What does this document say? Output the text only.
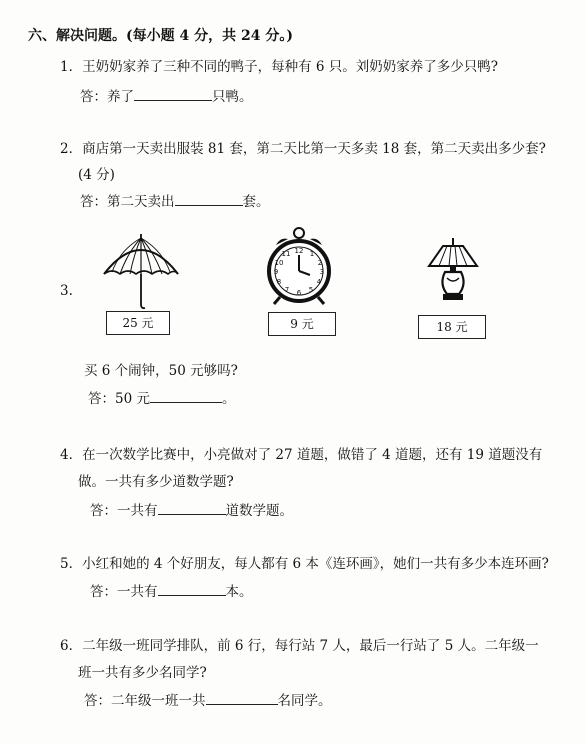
六、解决问题。(每小题 4 分，共 24 分。)
1．王奶奶家养了三种不同的鸭子，每种有 6 只。刘奶奶家养了多少只鸭?
答：养了	只鸭。
2．商店第一天卖出服装 81 套，第二天比第一天多卖 18 套，第二天卖出多少套?
(4 分)
答：第二天卖出	套。
3.
25 元
12 1
2
3
4
5
6
7
8
9
10
11
9 元	18 元
买 6 个闹钟，50 元够吗?
答：50 元	。
4．在一次数学比赛中，小亮做对了 27 道题，做错了 4 道题，还有 19 道题没有
做。一共有多少道数学题?
答：一共有	道数学题。
5．小红和她的 4 个好朋友，每人都有 6 本《连环画》，她们一共有多少本连环画?
答：一共有	本。
6．二年级一班同学排队，前 6 行，每行站 7 人，最后一行站了 5 人。二年级一
班一共有多少名同学?
答：二年级一班一共	名同学。
